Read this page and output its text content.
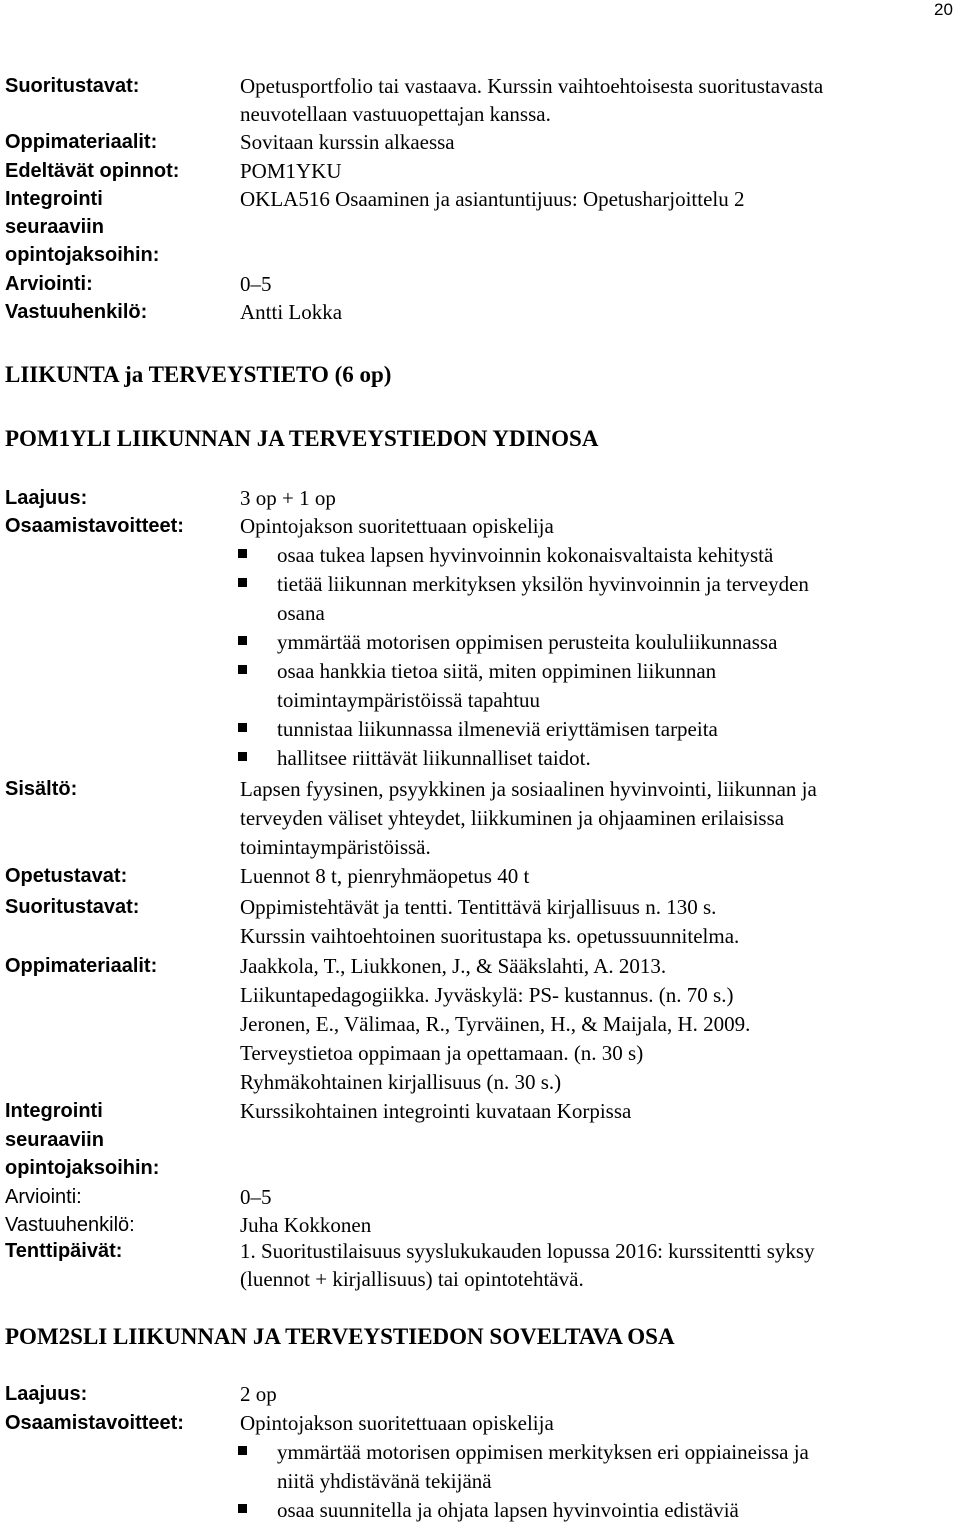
20
Suoritustavat:	Opetusportfolio tai vastaava. Kurssin vaihtoehtoisesta suoritustavasta
neuvotellaan vastuuopettajan kanssa.
Oppimateriaalit:	Sovitaan kurssin alkaessa
Edeltävät opinnot:	POM1YKU
Integrointi	OKLA516 Osaaminen ja asiantuntijuus: Opetusharjoittelu 2
seuraaviin
opintojaksoihin:
Arviointi:	0–5
Vastuuhenkilö:	Antti Lokka
LIIKUNTA ja TERVEYSTIETO (6 op)
POM1YLI LIIKUNNAN JA TERVEYSTIEDON YDINOSA
Laajuus:	3 op + 1 op
Osaamistavoitteet:	Opintojakson suoritettuaan opiskelija
osaa tukea lapsen hyvinvoinnin kokonaisvaltaista kehitystä
tietää liikunnan merkityksen yksilön hyvinvoinnin ja terveyden
osana
ymmärtää motorisen oppimisen perusteita koululiikunnassa
osaa hankkia tietoa siitä, miten oppiminen liikunnan
toimintaympäristöissä tapahtuu
tunnistaa liikunnassa ilmeneviä eriyttämisen tarpeita
hallitsee riittävät liikunnalliset taidot.
Sisältö:	Lapsen fyysinen, psyykkinen ja sosiaalinen hyvinvointi, liikunnan ja
terveyden väliset yhteydet, liikkuminen ja ohjaaminen erilaisissa
toimintaympäristöissä.
Opetustavat:	Luennot 8 t, pienryhmäopetus 40 t
Suoritustavat:	Oppimistehtävät ja tentti. Tentittävä kirjallisuus n. 130 s.
Kurssin vaihtoehtoinen suoritustapa ks. opetussuunnitelma.
Oppimateriaalit:	Jaakkola, T., Liukkonen, J., & Sääkslahti, A. 2013.
Liikuntapedagogiikka. Jyväskylä: PS- kustannus. (n. 70 s.)
Jeronen, E., Välimaa, R., Tyrväinen, H., & Maijala, H. 2009.
Terveystietoa oppimaan ja opettamaan. (n. 30 s)
Ryhmäkohtainen kirjallisuus (n. 30 s.)
Integrointi	Kurssikohtainen integrointi kuvataan Korpissa
seuraaviin
opintojaksoihin:
Arviointi:	0–5
Vastuuhenkilö:	Juha Kokkonen
Tenttipäivät:	1. Suoritustilaisuus syyslukukauden lopussa 2016: kurssitentti syksy
(luennot + kirjallisuus) tai opintotehtävä.
POM2SLI LIIKUNNAN JA TERVEYSTIEDON SOVELTAVA OSA
Laajuus:	2 op
Osaamistavoitteet:	Opintojakson suoritettuaan opiskelija
ymmärtää motorisen oppimisen merkityksen eri oppiaineissa ja
niitä yhdistävänä tekijänä
osaa suunnitella ja ohjata lapsen hyvinvointia edistäviä
